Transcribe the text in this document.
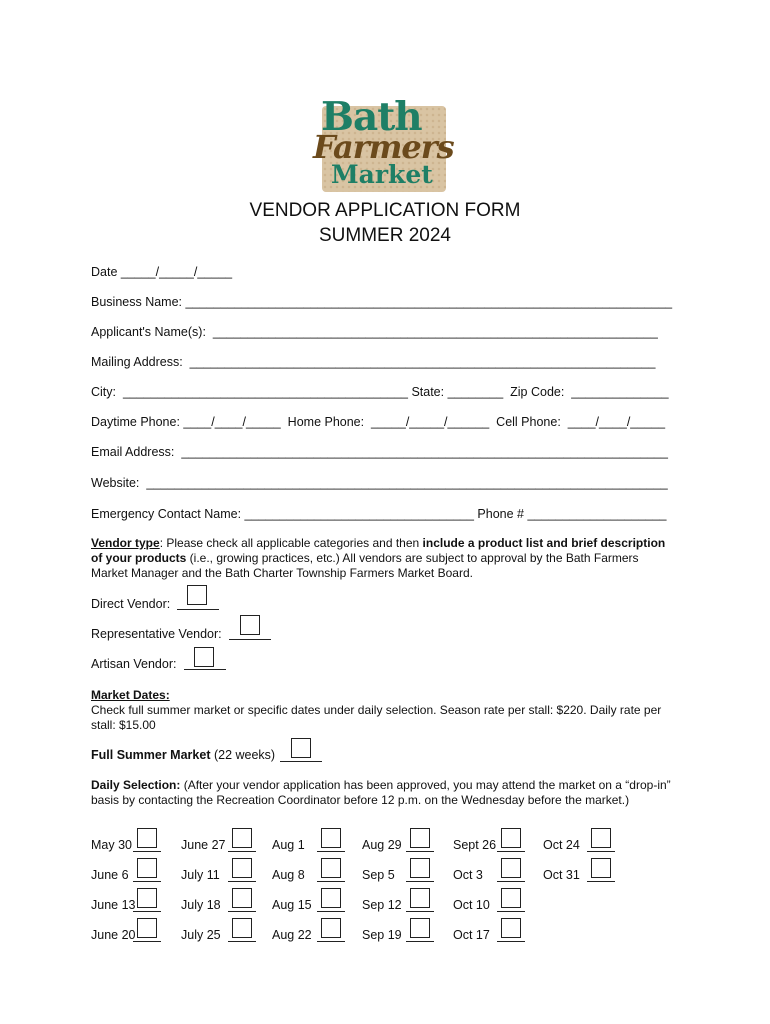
Bath
Farmers
Market
VENDOR APPLICATION FORM
SUMMER 2024
Date _____/_____/_____
Business Name: ______________________________________________________________________
Applicant's Name(s):  ________________________________________________________________
Mailing Address:  ___________________________________________________________________
City:  _________________________________________ State: ________  Zip Code:  ______________
Daytime Phone: ____/____/_____  Home Phone:  _____/_____/______  Cell Phone:  ____/____/_____
Email Address:  ______________________________________________________________________
Website:  ___________________________________________________________________________
Emergency Contact Name: _________________________________ Phone # ____________________
Vendor type: Please check all applicable categories and then include a product list and brief description of your products (i.e., growing practices, etc.) All vendors are subject to approval by the Bath Farmers Market Manager and the Bath Charter Township Farmers Market Board.
Direct Vendor:
Representative Vendor:
Artisan Vendor:
Market Dates:
Check full summer market or specific dates under daily selection. Season rate per stall: $220. Daily rate per stall: $15.00
Full Summer Market (22 weeks)
Daily Selection: (After your vendor application has been approved, you may attend the market on a “drop-in” basis by contacting the Recreation Coordinator before 12 p.m. on the Wednesday before the market.)
May 30
June 6
June 13
June 20
June 27
July 11
July 18
July 25
Aug 1
Aug 8
Aug 15
Aug 22
Aug 29
Sep 5
Sep 12
Sep 19
Sept 26
Oct 3
Oct 10
Oct 17
Oct 24
Oct 31
